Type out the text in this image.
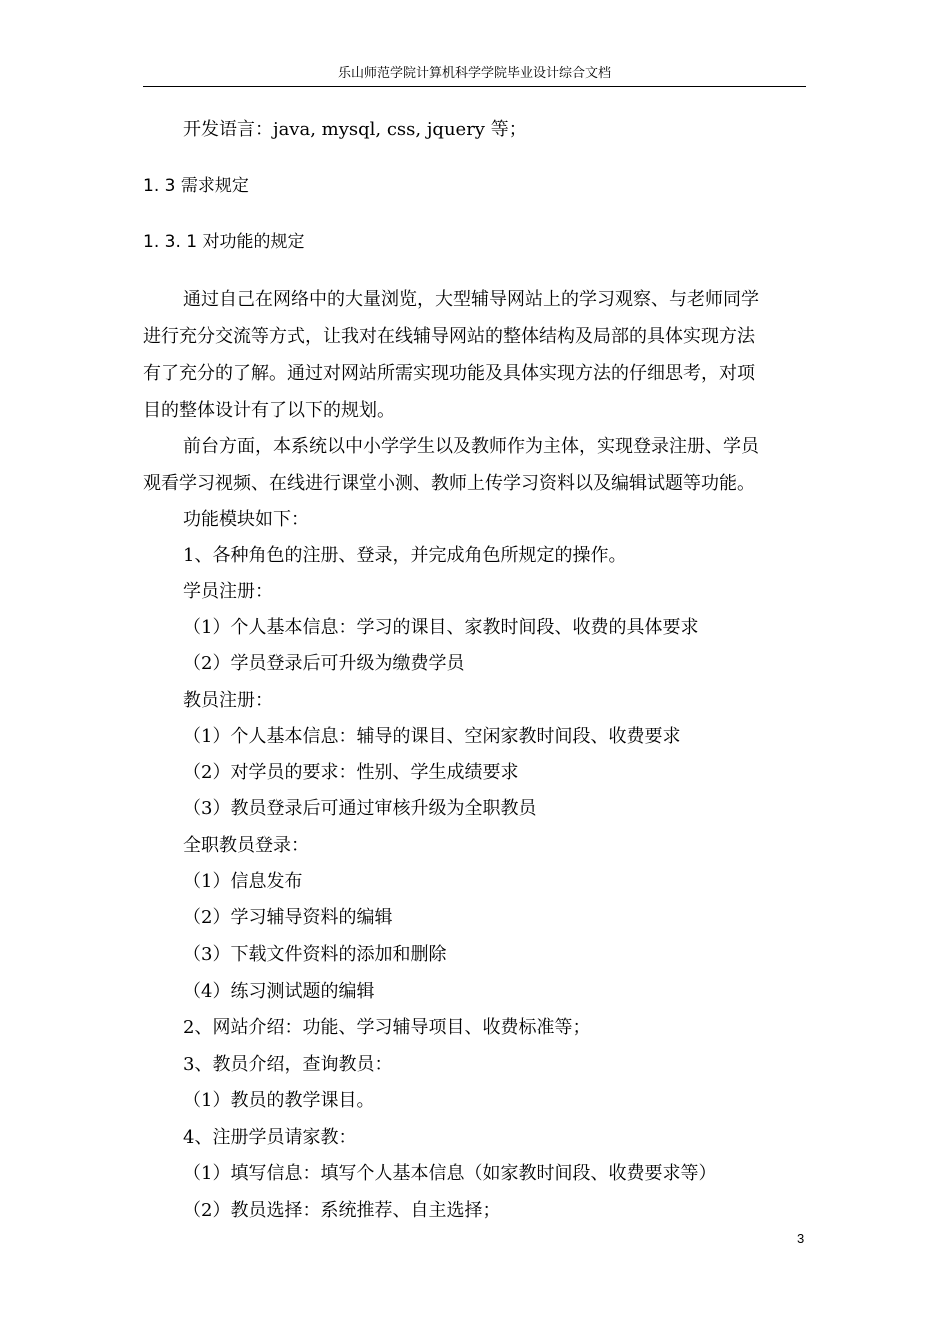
乐山师范学院计算机科学学院毕业设计综合文档
开发语言：java, mysql, css, jquery 等；
1. 3 需求规定
1. 3. 1 对功能的规定
通过自己在网络中的大量浏览，大型辅导网站上的学习观察、与老师同学
进行充分交流等方式，让我对在线辅导网站的整体结构及局部的具体实现方法
有了充分的了解。通过对网站所需实现功能及具体实现方法的仔细思考，对项
目的整体设计有了以下的规划。
前台方面，本系统以中小学学生以及教师作为主体，实现登录注册、学员
观看学习视频、在线进行课堂小测、教师上传学习资料以及编辑试题等功能。
功能模块如下：
1、各种角色的注册、登录，并完成角色所规定的操作。
学员注册：
（1）个人基本信息：学习的课目、家教时间段、收费的具体要求
（2）学员登录后可升级为缴费学员
教员注册：
（1）个人基本信息：辅导的课目、空闲家教时间段、收费要求
（2）对学员的要求：性别、学生成绩要求
（3）教员登录后可通过审核升级为全职教员
全职教员登录：
（1）信息发布
（2）学习辅导资料的编辑
（3）下载文件资料的添加和删除
（4）练习测试题的编辑
2、网站介绍：功能、学习辅导项目、收费标准等；
3、教员介绍，查询教员：
（1）教员的教学课目。
4、注册学员请家教：
（1）填写信息：填写个人基本信息（如家教时间段、收费要求等）
（2）教员选择：系统推荐、自主选择；
3
